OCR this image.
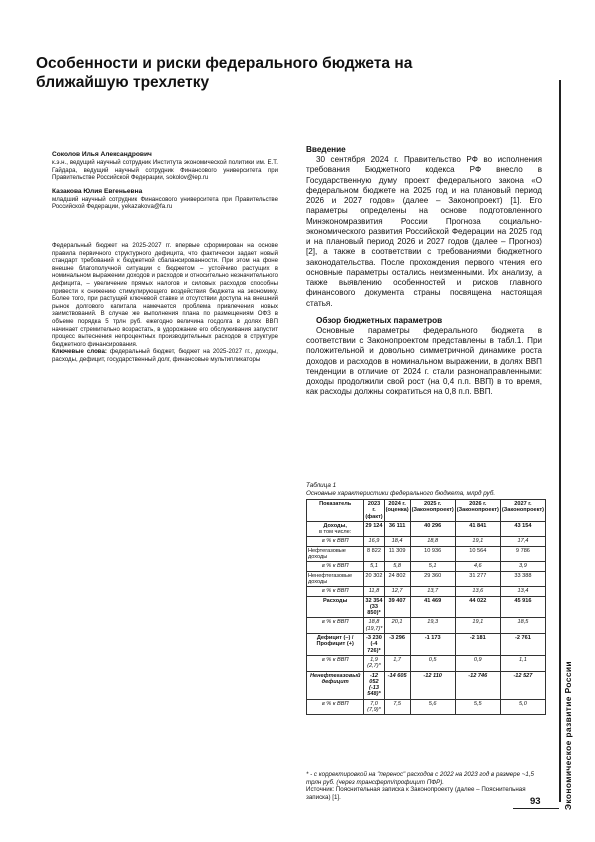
Особенности и риски федерального бюджета на ближайшую трехлетку
Соколов Илья Александрович
к.э.н., ведущий научный сотрудник Института экономической политики им. Е.Т. Гайдара, ведущий научный сотрудник Финансового университета при Правительстве Российской Федерации, sokolov@iep.ru
Казакова Юлия Евгеньевна
младший научный сотрудник Финансового университета при Правительстве Российской Федерации, yekazakova@fa.ru

Федеральный бюджет на 2025-2027 гг. впервые сформирован на основе правила первичного структурного дефицита, что фактически задает новый стандарт требований к бюджетной сбалансированности. При этом на фоне внешне благополучной ситуации с бюджетом – устойчиво растущих в номинальном выражении доходов и расходов и относительно незначительного дефицита, – увеличение прямых налогов и силовых расходов способны привести к снижению стимулирующего воздействия бюджета на экономику. Более того, при растущей ключевой ставке и отсутствии доступа на внешний рынок долгового капитала намечается проблема привлечения новых заимствований. В случае же выполнения плана по размещениям ОФЗ в объеме порядка 5 трлн руб. ежегодно величина госдолга в долях ВВП начинает стремительно возрастать, в удорожание его обслуживания запустит процесс вытеснения непроцентных производительных расходов в структуре бюджетного финансирования.

Ключевые слова: федеральный бюджет, бюджет на 2025-2027 гг., доходы, расходы, дефицит, государственный долг, финансовые мультипликаторы

Введение

30 сентября 2024 г. Правительство РФ во исполнения требования Бюджетного кодекса РФ внесло в Государственную думу проект федерального закона «О федеральном бюджете на 2025 год и на плановый период 2026 и 2027 годов» (далее – Законопроект) [1]. Его параметры определены на основе подготовленного Минэкономразвития России Прогноза социально-экономического развития Российской Федерации на 2025 год и на плановый период 2026 и 2027 годов (далее – Прогноз) [2], а также в соответствии с требованиями бюджетного законодательства. После прохождения первого чтения его основные параметры остались неизменными. Их анализу, а также выявлению особенностей и рисков главного финансового документа страны посвящена настоящая статья.

Обзор бюджетных параметров

Основные параметры федерального бюджета в соответствии с Законопроектом представлены в табл.1. При положительной и довольно симметричной динамике роста доходов и расходов в номинальном выражении, в долях ВВП тенденции в отличие от 2024 г. стали разнонаправленными: доходы продолжили свой рост (на 0,4 п.п. ВВП) в то время, как расходы должны сократиться на 0,8 п.п. ВВП.

Таблица 1
Основные характеристики федерального бюджета, млрд руб.
Показатель	2023 г. (факт)	2024 г. (оценка)	2025 г. (Законопроект)	2026 г. (Законопроект)	2027 г. (Законопроект)
Доходы,
в том числе:	29 124	36 111	40 296	41 841	43 154
в % к ВВП	16,9	18,4	18,8	19,1	17,4
Нефтегазовые доходы	8 822	11 309	10 936	10 564	9 786
в % к ВВП	5,1	5,8	5,1	4,6	3,9
Ненефтегазовые доходы	20 302	24 802	29 360	31 277	33 388
в % к ВВП	11,8	12,7	13,7	13,6	13,4
Расходы	32 354 (33 850)*	39 407	41 469	44 022	45 916
в % к ВВП	18,8 (19,7)*	20,1	19,3	19,1	18,5
Дефицит (–) / Профицит (+)	-3 230 (-4 726)*	-3 296	-1 173	-2 181	-2 761
в % к ВВП	1,9 (2,7)*	1,7	0,5	0,9	1,1
Ненефтегазовый дефицит	-12 052 (-13 548)*	-14 605	-12 110	-12 746	-12 527
в % к ВВП	7,0 (7,9)*	7,5	5,6	5,5	5,0
* - с корректировкой на "перенос" расходов с 2022 на 2023 год в размере ~1,5 трлн руб. (через трансферт/профицит ПФР).
Источник: Пояснительная записка к Законопроекту (далее – Пояснительная записка) [1].	Экономическое развитие России
93
